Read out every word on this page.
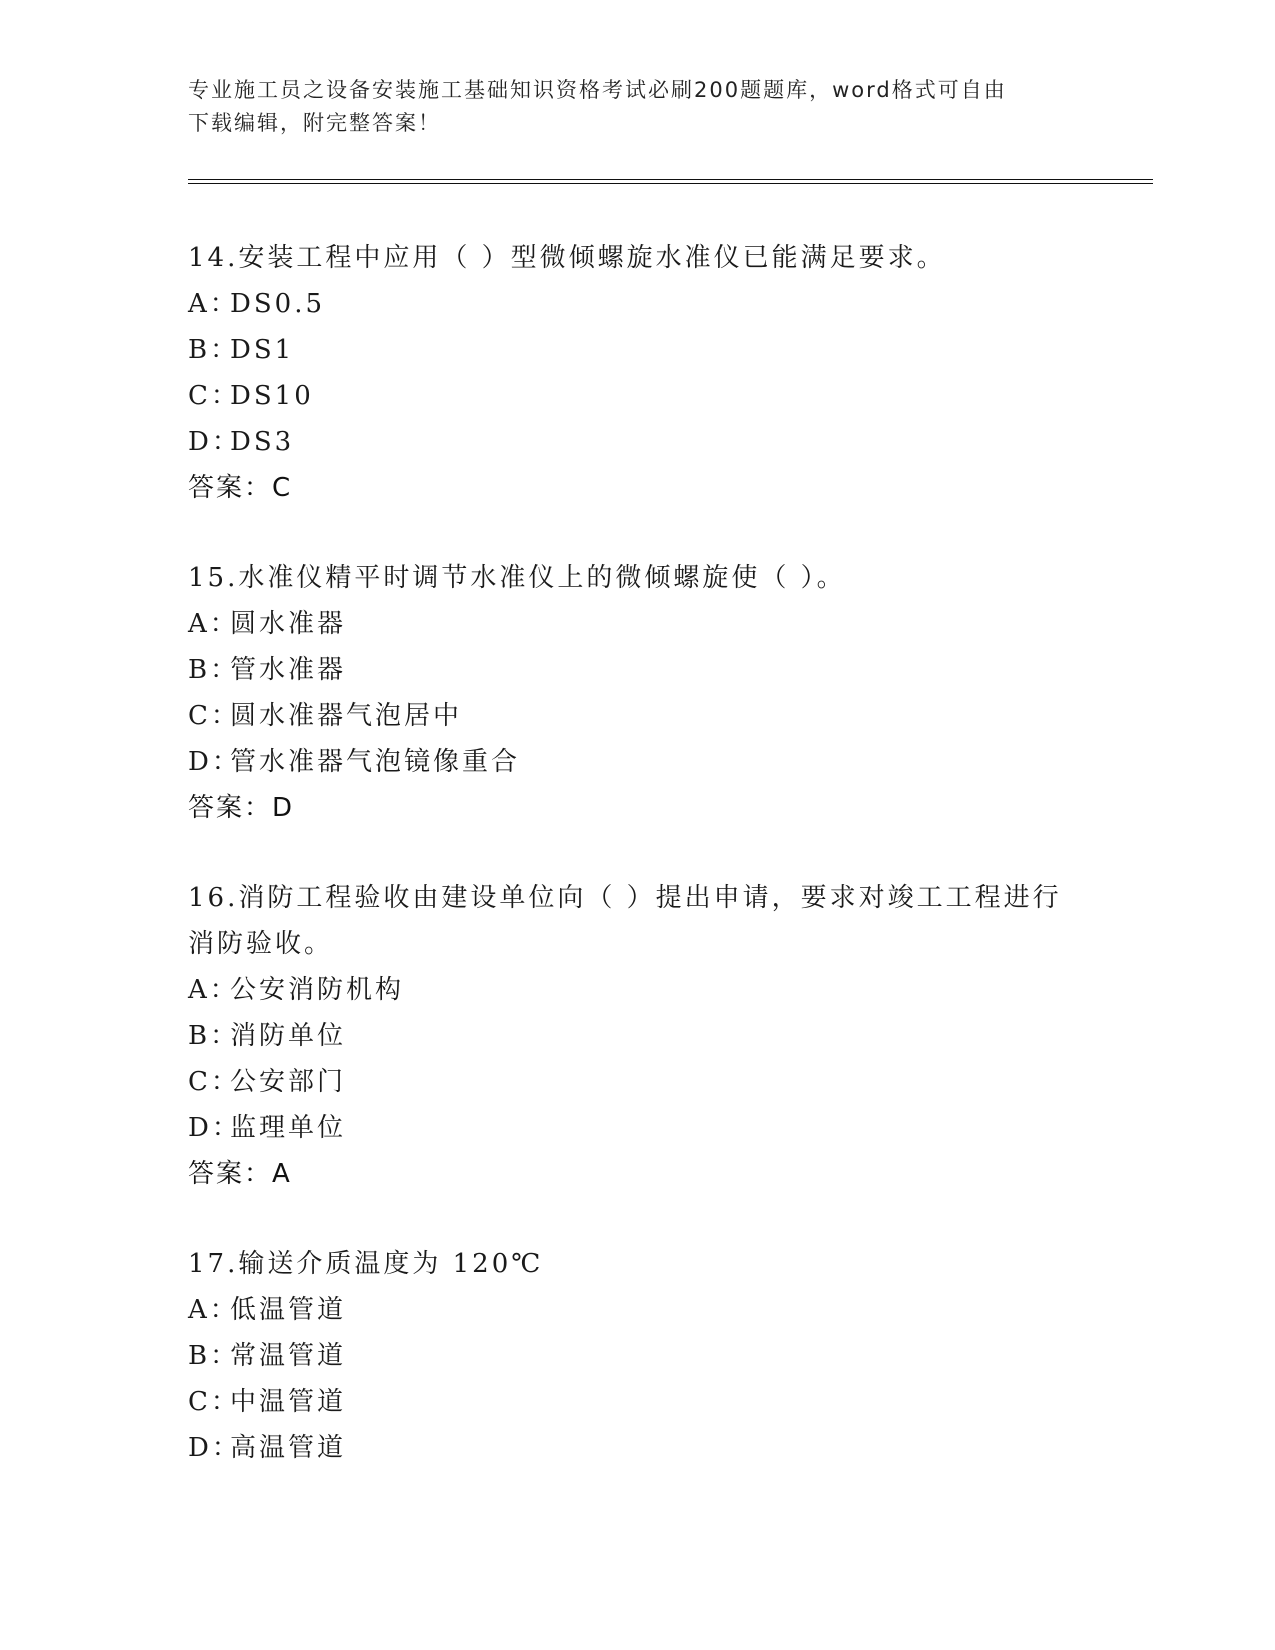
专业施工员之设备安装施工基础知识资格考试必刷200题题库，word格式可自由
下载编辑，附完整答案！
14.安装工程中应用（ ）型微倾螺旋水准仪已能满足要求。
A：DS0.5
B：DS1
C：DS10
D：DS3
答案：C
15.水准仪精平时调节水准仪上的微倾螺旋使（ ）。
A：圆水准器
B：管水准器
C：圆水准器气泡居中
D：管水准器气泡镜像重合
答案：D
16.消防工程验收由建设单位向（ ）提出申请，要求对竣工工程进行
消防验收。
A：公安消防机构
B：消防单位
C：公安部门
D：监理单位
答案：A
17.输送介质温度为 120℃
A：低温管道
B：常温管道
C：中温管道
D：高温管道
